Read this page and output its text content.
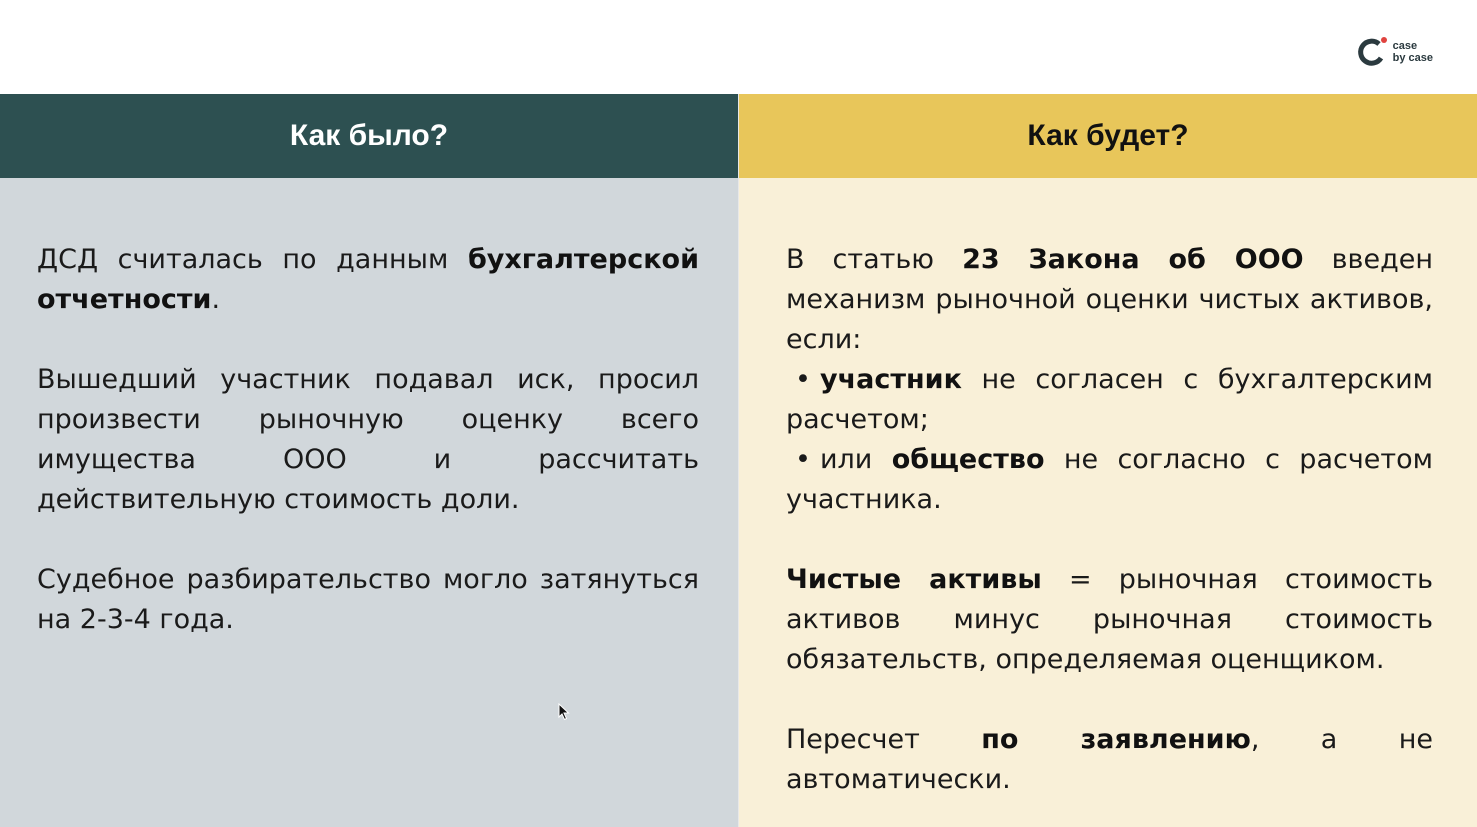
case
by case
Как было?

ДСД считалась по данным бухгалтерской отчетности.

Вышедший участник подавал иск, просил произвести рыночную оценку всего имущества ООО и рассчитать действительную стоимость доли.

Судебное разбирательство могло затянуться на 2-3-4 года.

Как будет?

В статью 23 Закона об ООО введен механизм рыночной оценки чистых активов, если:

• участник не согласен с бухгалтерским расчетом;

• или общество не согласно с расчетом участника.

Чистые активы = рыночная стоимость активов минус рыночная стоимость обязательств, определяемая оценщиком.

Пересчет по заявлению, а не автоматически.
